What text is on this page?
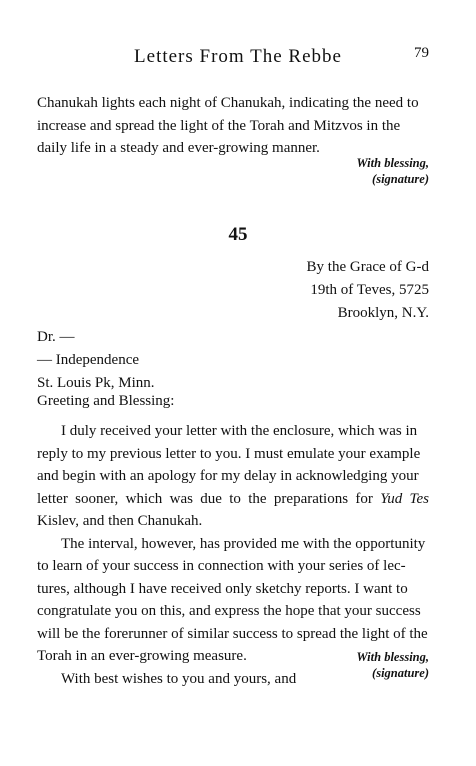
Letters From The Rebbe	79
Chanukah lights each night of Chanukah, indicating the need to
increase and spread the light of the Torah and Mitzvos in the
daily life in a steady and ever-growing manner.
With blessing,
(signature)
45
By the Grace of G-d
19th of Teves, 5725
Brooklyn, N.Y.
Dr. —
— Independence
St. Louis Pk, Minn.
Greeting and Blessing:
I duly received your letter with the enclosure, which was in
reply to my previous letter to you. I must emulate your example
and begin with an apology for my delay in acknowledging your
letter sooner, which was due to the preparations for Yud Tes
Kislev, and then Chanukah.
The interval, however, has provided me with the opportunity
to learn of your success in connection with your series of lec-
tures, although I have received only sketchy reports. I want to
congratulate you on this, and express the hope that your success
will be the forerunner of similar success to spread the light of the
Torah in an ever-growing measure.
With best wishes to you and yours, and
With blessing,
(signature)
